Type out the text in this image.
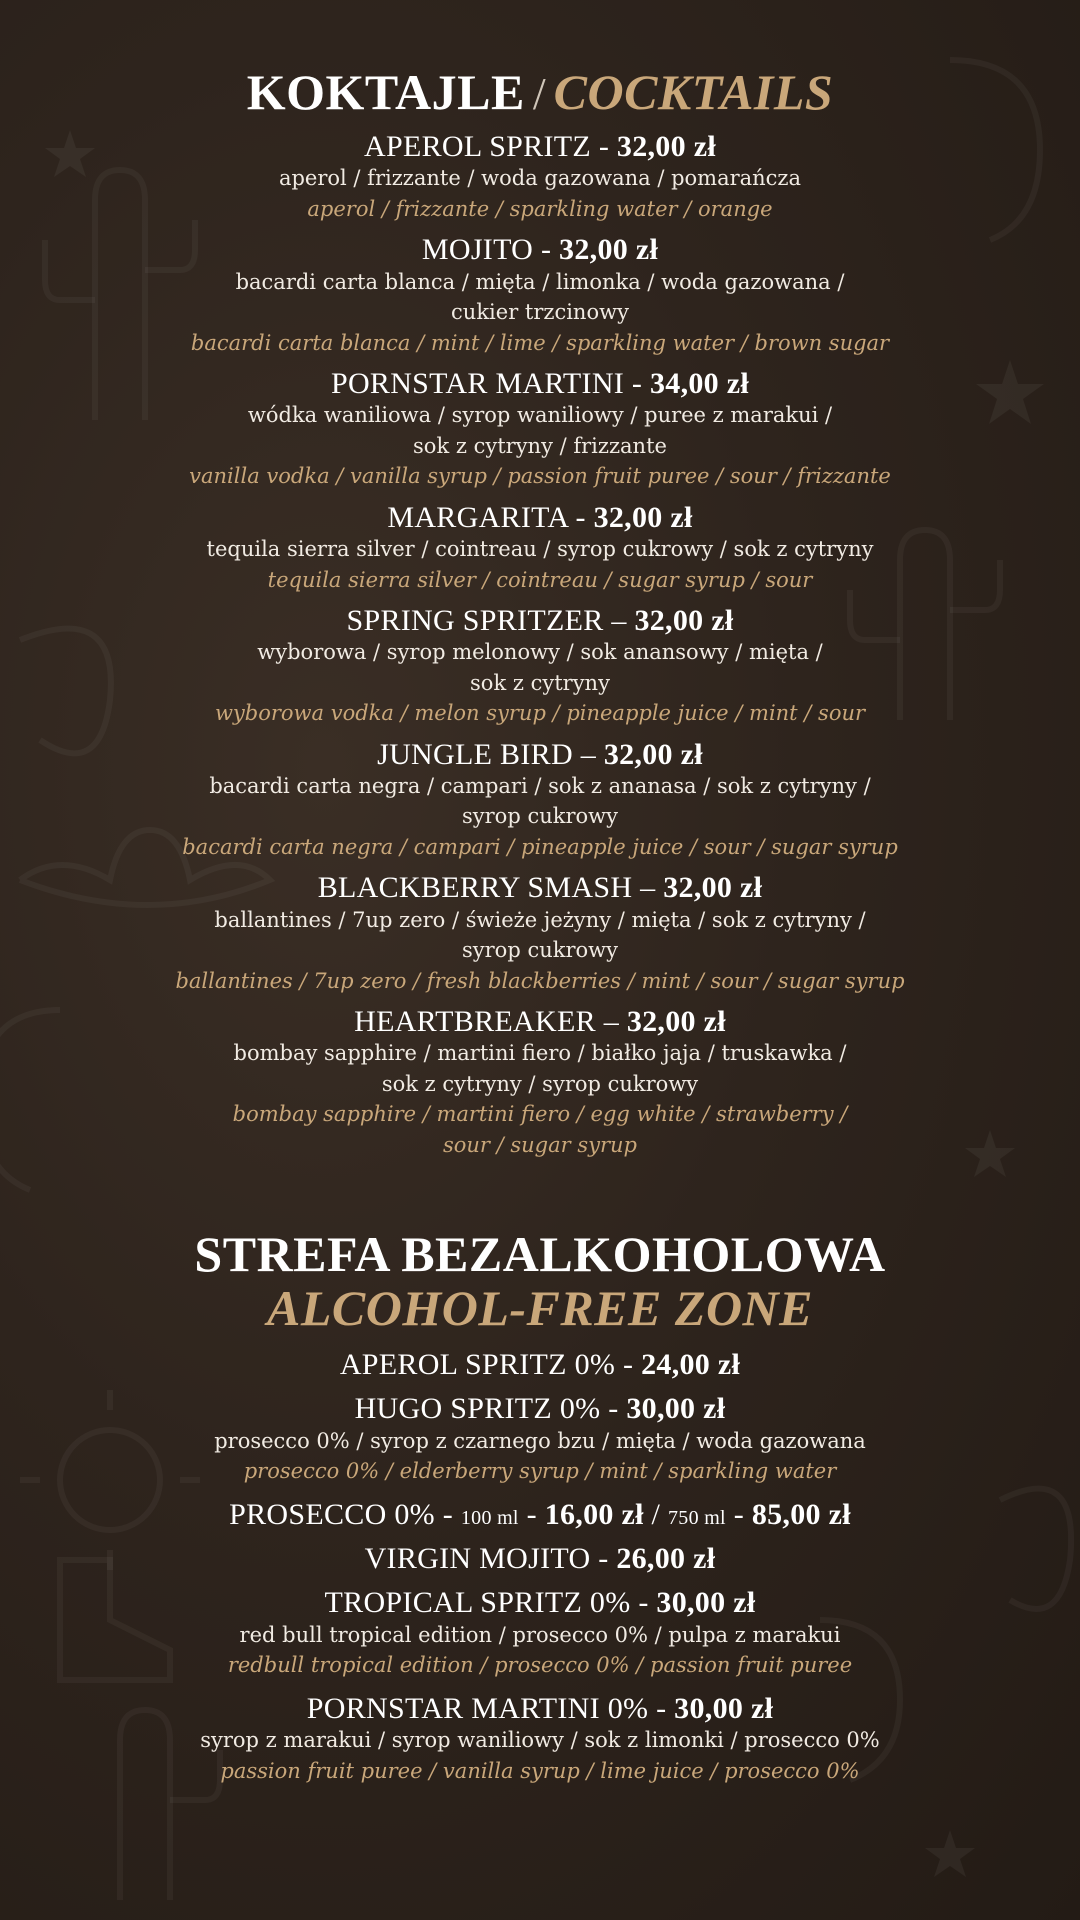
KOKTAJLE / COCKTAILS
APEROL SPRITZ - 32,00 zł
aperol / frizzante / woda gazowana / pomarańcza
aperol / frizzante / sparkling water / orange
MOJITO - 32,00 zł
bacardi carta blanca / mięta / limonka / woda gazowana /
cukier trzcinowy
bacardi carta blanca / mint / lime / sparkling water / brown sugar
PORNSTAR MARTINI - 34,00 zł
wódka waniliowa / syrop waniliowy / puree z marakui /
sok z cytryny / frizzante
vanilla vodka / vanilla syrup / passion fruit puree / sour / frizzante
MARGARITA - 32,00 zł
tequila sierra silver / cointreau / syrop cukrowy / sok z cytryny
tequila sierra silver / cointreau / sugar syrup / sour
SPRING SPRITZER – 32,00 zł
wyborowa / syrop melonowy / sok anansowy / mięta /
sok z cytryny
wyborowa vodka / melon syrup / pineapple juice / mint / sour
JUNGLE BIRD – 32,00 zł
bacardi carta negra / campari / sok z ananasa / sok z cytryny /
syrop cukrowy
bacardi carta negra / campari / pineapple juice / sour / sugar syrup
BLACKBERRY SMASH – 32,00 zł
ballantines / 7up zero / świeże jeżyny / mięta / sok z cytryny /
syrop cukrowy
ballantines / 7up zero / fresh blackberries / mint / sour / sugar syrup
HEARTBREAKER – 32,00 zł
bombay sapphire / martini fiero / białko jaja / truskawka /
sok z cytryny / syrop cukrowy
bombay sapphire / martini fiero / egg white / strawberry /
sour / sugar syrup
STREFA BEZALKOHOLOWA
ALCOHOL-FREE ZONE
APEROL SPRITZ 0% - 24,00 zł
HUGO SPRITZ 0% - 30,00 zł
prosecco 0% / syrop z czarnego bzu / mięta / woda gazowana
prosecco 0% / elderberry syrup / mint / sparkling water
PROSECCO 0% - 100 ml - 16,00 zł / 750 ml - 85,00 zł
VIRGIN MOJITO - 26,00 zł
TROPICAL SPRITZ 0% - 30,00 zł
red bull tropical edition / prosecco 0% / pulpa z marakui
redbull tropical edition / prosecco 0% / passion fruit puree
PORNSTAR MARTINI 0% - 30,00 zł
syrop z marakui / syrop waniliowy / sok z limonki / prosecco 0%
passion fruit puree / vanilla syrup / lime juice / prosecco 0%
